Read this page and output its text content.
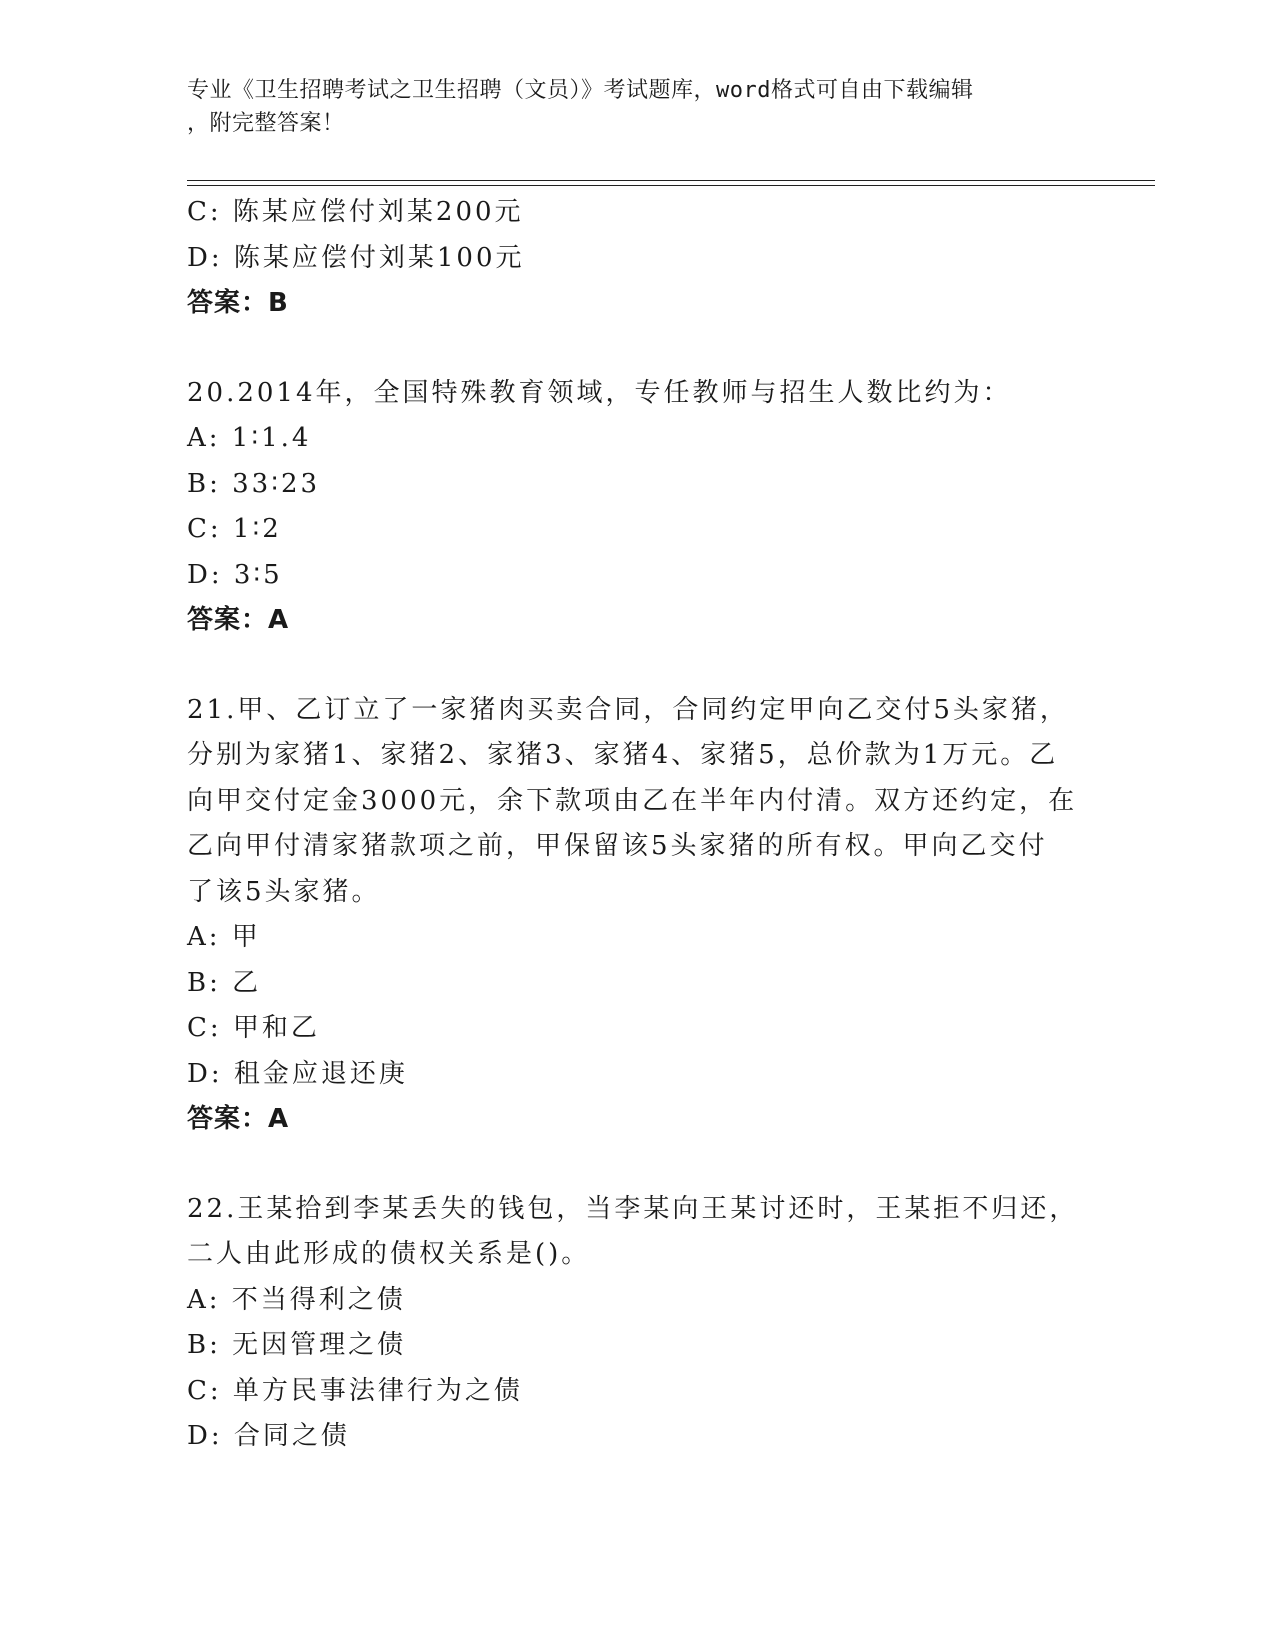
专业《卫生招聘考试之卫生招聘（文员）》考试题库，word格式可自由下载编辑
，附完整答案！
C: 陈某应偿付刘某200元
D: 陈某应偿付刘某100元
答案：B
20.2014年，全国特殊教育领域，专任教师与招生人数比约为：
A: 1∶1.4
B: 33∶23
C: 1∶2
D: 3∶5
答案：A
21.甲、乙订立了一家猪肉买卖合同，合同约定甲向乙交付5头家猪，
分别为家猪1、家猪2、家猪3、家猪4、家猪5，总价款为1万元。乙
向甲交付定金3000元，余下款项由乙在半年内付清。双方还约定，在
乙向甲付清家猪款项之前，甲保留该5头家猪的所有权。甲向乙交付
了该5头家猪。
A: 甲
B: 乙
C: 甲和乙
D: 租金应退还庚
答案：A
22.王某拾到李某丢失的钱包，当李某向王某讨还时，王某拒不归还，
二人由此形成的债权关系是()。
A: 不当得利之债
B: 无因管理之债
C: 单方民事法律行为之债
D: 合同之债
